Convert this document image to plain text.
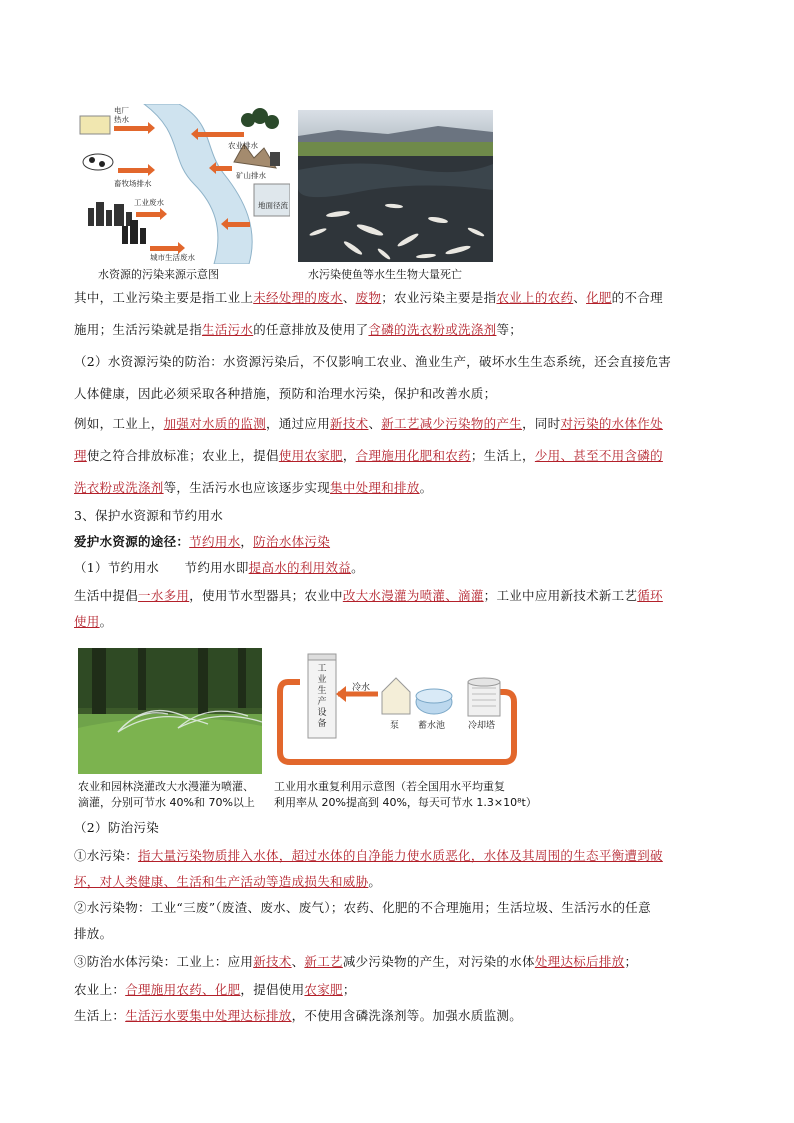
电厂热水
畜牧场排水
工业废水
城市生活废水
农业排水
矿山排水
地面径流
水资源的污染来源示意图	水污染使鱼等水生生物大量死亡
其中，工业污染主要是指工业上未经处理的废水、废物；农业污染主要是指农业上的农药、化肥的不合理
施用；生活污染就是指生活污水的任意排放及使用了含磷的洗衣粉或洗涤剂等；
（2）水资源污染的防治：水资源污染后，不仅影响工农业、渔业生产，破坏水生生态系统，还会直接危害
人体健康，因此必须采取各种措施，预防和治理水污染，保护和改善水质；
例如，工业上，加强对水质的监测，通过应用新技术、新工艺减少污染物的产生，同时对污染的水体作处
理使之符合排放标准；农业上，提倡使用农家肥，合理施用化肥和农药；生活上，少用、甚至不用含磷的
洗衣粉或洗涤剂等，生活污水也应该逐步实现集中处理和排放。
3、保护水资源和节约用水
爱护水资源的途径：节约用水，防治水体污染
（1）节约用水　　节约用水即提高水的利用效益。
生活中提倡一水多用，使用节水型器具；农业中改大水漫灌为喷灌、滴灌；工业中应用新技术新工艺循环
使用。
农业和园林浇灌改大水漫灌为喷灌、
滴灌，分别可节水 40%和 70%以上
工业生产设备
冷水
泵 蓄水池	冷却塔
工业用水重复利用示意图（若全国用水平均重复
利用率从 20%提高到 40%，每天可节水 1.3×10⁸t）
（2）防治污染
①水污染：指大量污染物质排入水体，超过水体的自净能力使水质恶化，水体及其周围的生态平衡遭到破
坏，对人类健康、生活和生产活动等造成损失和威胁。
②水污染物：工业“三废”（废渣、废水、废气）；农药、化肥的不合理施用；生活垃圾、生活污水的任意
排放。
③防治水体污染：工业上：应用新技术、新工艺减少污染物的产生，对污染的水体处理达标后排放；
农业上：合理施用农药、化肥，提倡使用农家肥；
生活上：生活污水要集中处理达标排放，不使用含磷洗涤剂等。加强水质监测。
